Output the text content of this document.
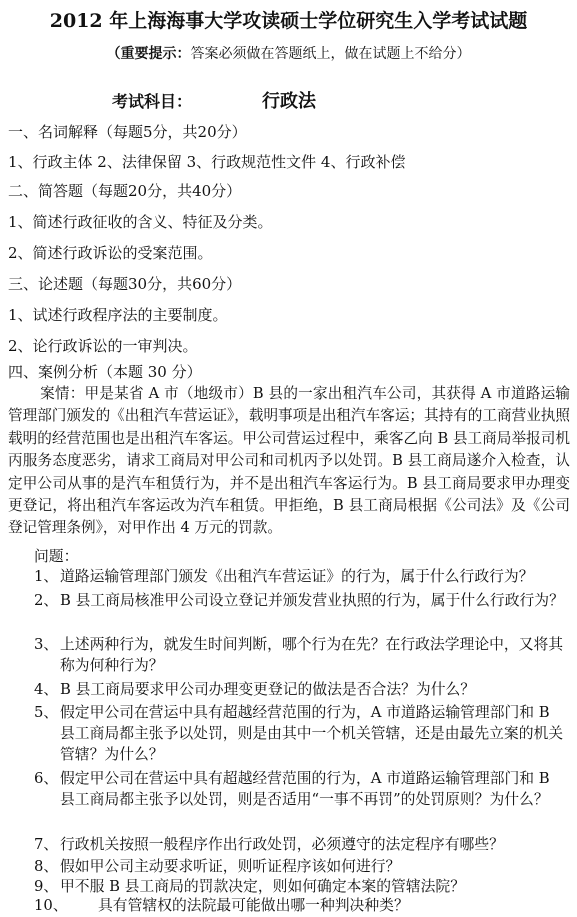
2012 年上海海事大学攻读硕士学位研究生入学考试试题
（重要提示：答案必须做在答题纸上，做在试题上不给分）
考试科目：	行政法
一、名词解释（每题5分，共20分）
1、行政主体 2、法律保留 3、行政规范性文件 4、行政补偿
二、简答题（每题20分，共40分）
1、简述行政征收的含义、特征及分类。
2、简述行政诉讼的受案范围。
三、论述题（每题30分，共60分）
1、试述行政程序法的主要制度。
2、论行政诉讼的一审判决。
四、案例分析（本题 30 分）
案情：甲是某省 A 市（地级市）B 县的一家出租汽车公司，其获得 A 市道路运输管理部门颁发的《出租汽车营运证》，载明事项是出租汽车客运；其持有的工商营业执照载明的经营范围也是出租汽车客运。甲公司营运过程中，乘客乙向 B 县工商局举报司机丙服务态度恶劣，请求工商局对甲公司和司机丙予以处罚。B 县工商局遂介入检查，认定甲公司从事的是汽车租赁行为，并不是出租汽车客运行为。B 县工商局要求甲办理变更登记，将出租汽车客运改为汽车租赁。甲拒绝，B 县工商局根据《公司法》及《公司登记管理条例》，对甲作出 4 万元的罚款。
问题：
1、 道路运输管理部门颁发《出租汽车营运证》的行为，属于什么行政行为？
2、 B 县工商局核准甲公司设立登记并颁发营业执照的行为，属于什么行政行为？
3、 上述两种行为，就发生时间判断，哪个行为在先？在行政法学理论中，又将其称为何种行为？
4、 B 县工商局要求甲公司办理变更登记的做法是否合法？为什么？
5、 假定甲公司在营运中具有超越经营范围的行为，A 市道路运输管理部门和 B 县工商局都主张予以处罚，则是由其中一个机关管辖，还是由最先立案的机关管辖？为什么？
6、 假定甲公司在营运中具有超越经营范围的行为，A 市道路运输管理部门和 B 县工商局都主张予以处罚，则是否适用“一事不再罚”的处罚原则？为什么？
7、 行政机关按照一般程序作出行政处罚，必须遵守的法定程序有哪些？
8、 假如甲公司主动要求听证，则听证程序该如何进行？
9、 甲不服 B 县工商局的罚款决定，则如何确定本案的管辖法院？
10、 具有管辖权的法院最可能做出哪一种判决种类？
